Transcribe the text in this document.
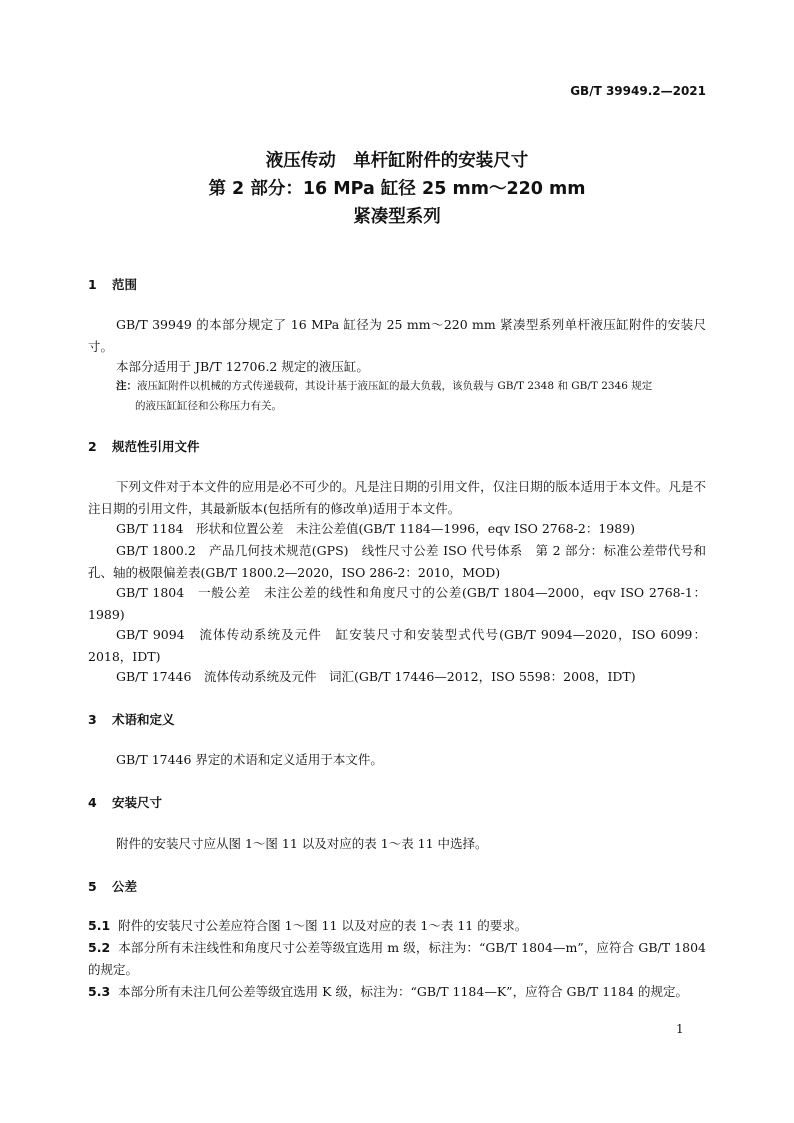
GB/T 39949.2—2021
液压传动　单杆缸附件的安装尺寸
第 2 部分：16 MPa 缸径 25 mm～220 mm
紧凑型系列
1 范围
GB/T 39949 的本部分规定了 16 MPa 缸径为 25 mm～220 mm 紧凑型系列单杆液压缸附件的安装尺寸。
本部分适用于 JB/T 12706.2 规定的液压缸。
注：液压缸附件以机械的方式传递载荷，其设计基于液压缸的最大负载，该负载与 GB/T 2348 和 GB/T 2346 规定
的液压缸缸径和公称压力有关。
2 规范性引用文件
下列文件对于本文件的应用是必不可少的。凡是注日期的引用文件，仅注日期的版本适用于本文件。凡是不注日期的引用文件，其最新版本(包括所有的修改单)适用于本文件。
GB/T 1184　形状和位置公差　未注公差值(GB/T 1184—1996，eqv ISO 2768-2：1989)
GB/T 1800.2　产品几何技术规范(GPS)　线性尺寸公差 ISO 代号体系　第 2 部分：标准公差带代号和孔、轴的极限偏差表(GB/T 1800.2—2020，ISO 286-2：2010，MOD)
GB/T 1804　一般公差　未注公差的线性和角度尺寸的公差(GB/T 1804—2000，eqv ISO 2768-1：1989)
GB/T 9094　流体传动系统及元件　缸安装尺寸和安装型式代号(GB/T 9094—2020，ISO 6099：2018，IDT)
GB/T 17446　流体传动系统及元件　词汇(GB/T 17446—2012，ISO 5598：2008，IDT)
3 术语和定义
GB/T 17446 界定的术语和定义适用于本文件。
4 安装尺寸
附件的安装尺寸应从图 1～图 11 以及对应的表 1～表 11 中选择。
5 公差
5.1 附件的安装尺寸公差应符合图 1～图 11 以及对应的表 1～表 11 的要求。
5.2 本部分所有未注线性和角度尺寸公差等级宜选用 m 级，标注为：“GB/T 1804—m”，应符合 GB/T 1804 的规定。
5.3 本部分所有未注几何公差等级宜选用 K 级，标注为：“GB/T 1184—K”，应符合 GB/T 1184 的规定。
1
